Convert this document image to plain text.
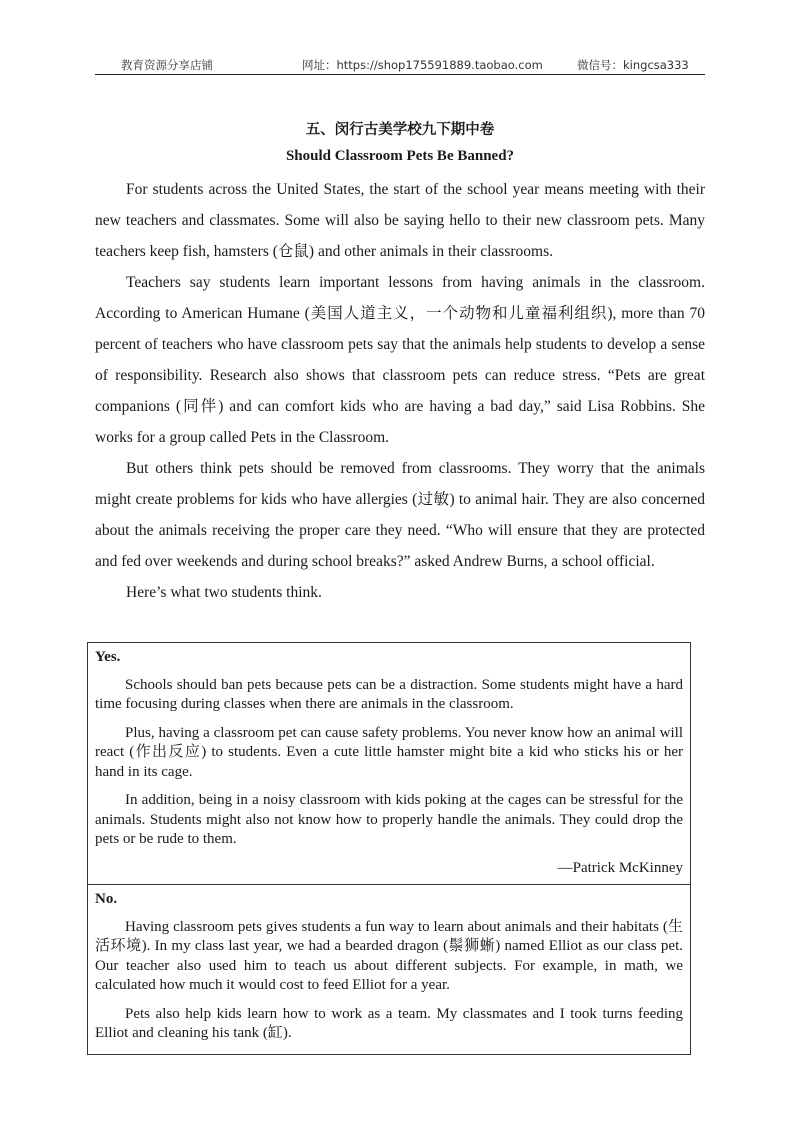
教育资源分享店铺	网址：https://shop175591889.taobao.com	微信号：kingcsa333
五、闵行古美学校九下期中卷
Should Classroom Pets Be Banned?

For students across the United States, the start of the school year means meeting with their new teachers and classmates. Some will also be saying hello to their new classroom pets. Many teachers keep fish, hamsters (仓鼠) and other animals in their classrooms.

Teachers say students learn important lessons from having animals in the classroom. According to American Humane (美国人道主义，一个动物和儿童福利组织), more than 70 percent of teachers who have classroom pets say that the animals help students to develop a sense of responsibility. Research also shows that classroom pets can reduce stress. “Pets are great companions (同伴) and can comfort kids who are having a bad day,” said Lisa Robbins. She works for a group called Pets in the Classroom.

But others think pets should be removed from classrooms. They worry that the animals might create problems for kids who have allergies (过敏) to animal hair. They are also concerned about the animals receiving the proper care they need. “Who will ensure that they are protected and fed over weekends and during school breaks?” asked Andrew Burns, a school official.

Here’s what two students think.

Yes.

Schools should ban pets because pets can be a distraction. Some students might have a hard time focusing during classes when there are animals in the classroom.

Plus, having a classroom pet can cause safety problems. You never know how an animal will react (作出反应) to students. Even a cute little hamster might bite a kid who sticks his or her hand in its cage.

In addition, being in a noisy classroom with kids poking at the cages can be stressful for the animals. Students might also not know how to properly handle the animals. They could drop the pets or be rude to them.

—Patrick McKinney
No.

Having classroom pets gives students a fun way to learn about animals and their habitats (生活环境). In my class last year, we had a bearded dragon (鬃狮蜥) named Elliot as our class pet. Our teacher also used him to teach us about different subjects. For example, in math, we calculated how much it would cost to feed Elliot for a year.

Pets also help kids learn how to work as a team. My classmates and I took turns feeding Elliot and cleaning his tank (缸).
